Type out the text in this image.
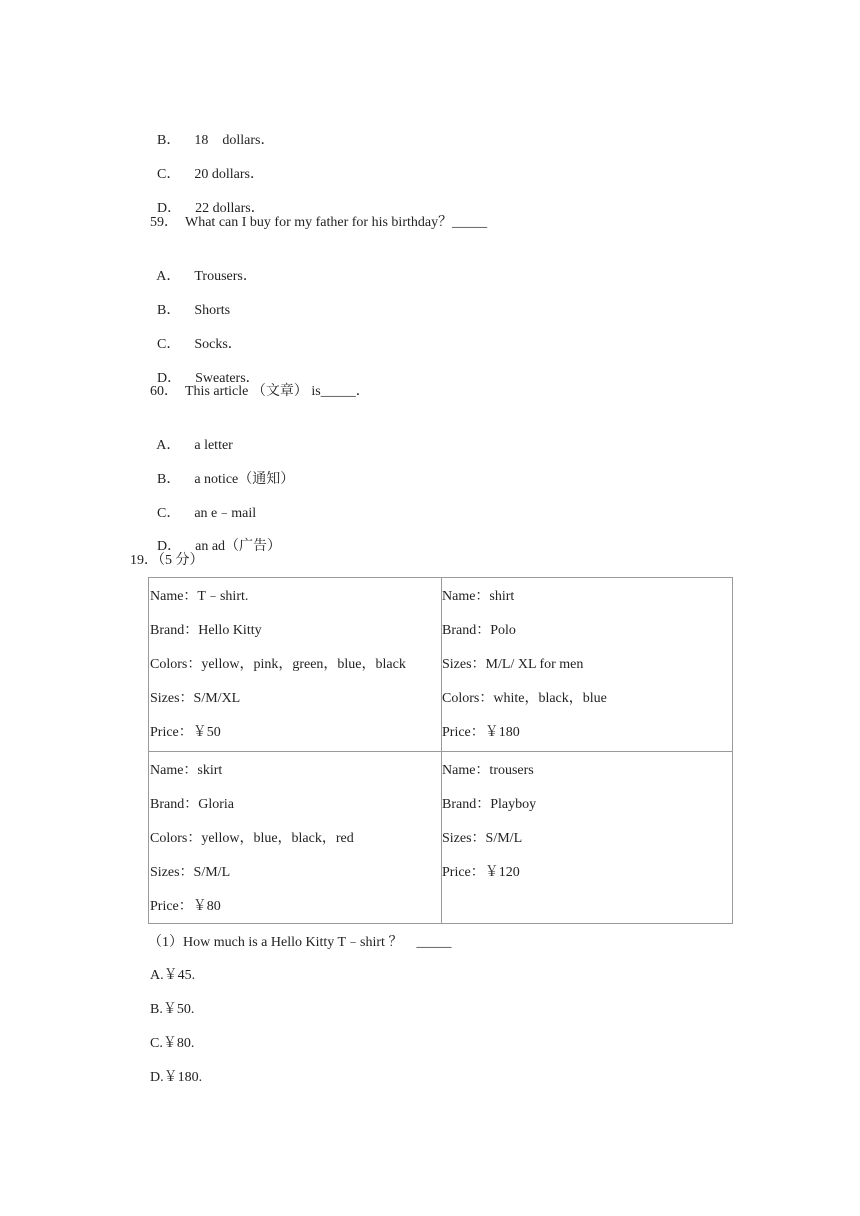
B． 18　dollars．

C． 20 dollars．

D． 22 dollars．

59．　What can I buy for my father for his birthday？_____

A． Trousers．

B． Shorts

C． Socks．

D． Sweaters．

60．　This article （文章） is_____．

A． a letter

B． a notice（通知）

C． an e﹣mail

D． an ad（广告）

19．（5 分）
Name：T﹣shirt.
Brand：Hello Kitty
Colors：yellow，pink，green，blue，black
Sizes：S/M/XL
Price：￥50
Name：shirt
Brand：Polo
Sizes：M/L/ XL for men
Colors：white，black，blue
Price：￥180
Name：skirt
Brand：Gloria
Colors：yellow，blue，black，red
Sizes：S/M/L
Price：￥80
Name：trousers
Brand：Playboy
Sizes：S/M/L
Price：￥120
（1）How much is a Hello Kitty T﹣shirt ？　_____
A.￥45.
B.￥50.
C.￥80.
D.￥180.
